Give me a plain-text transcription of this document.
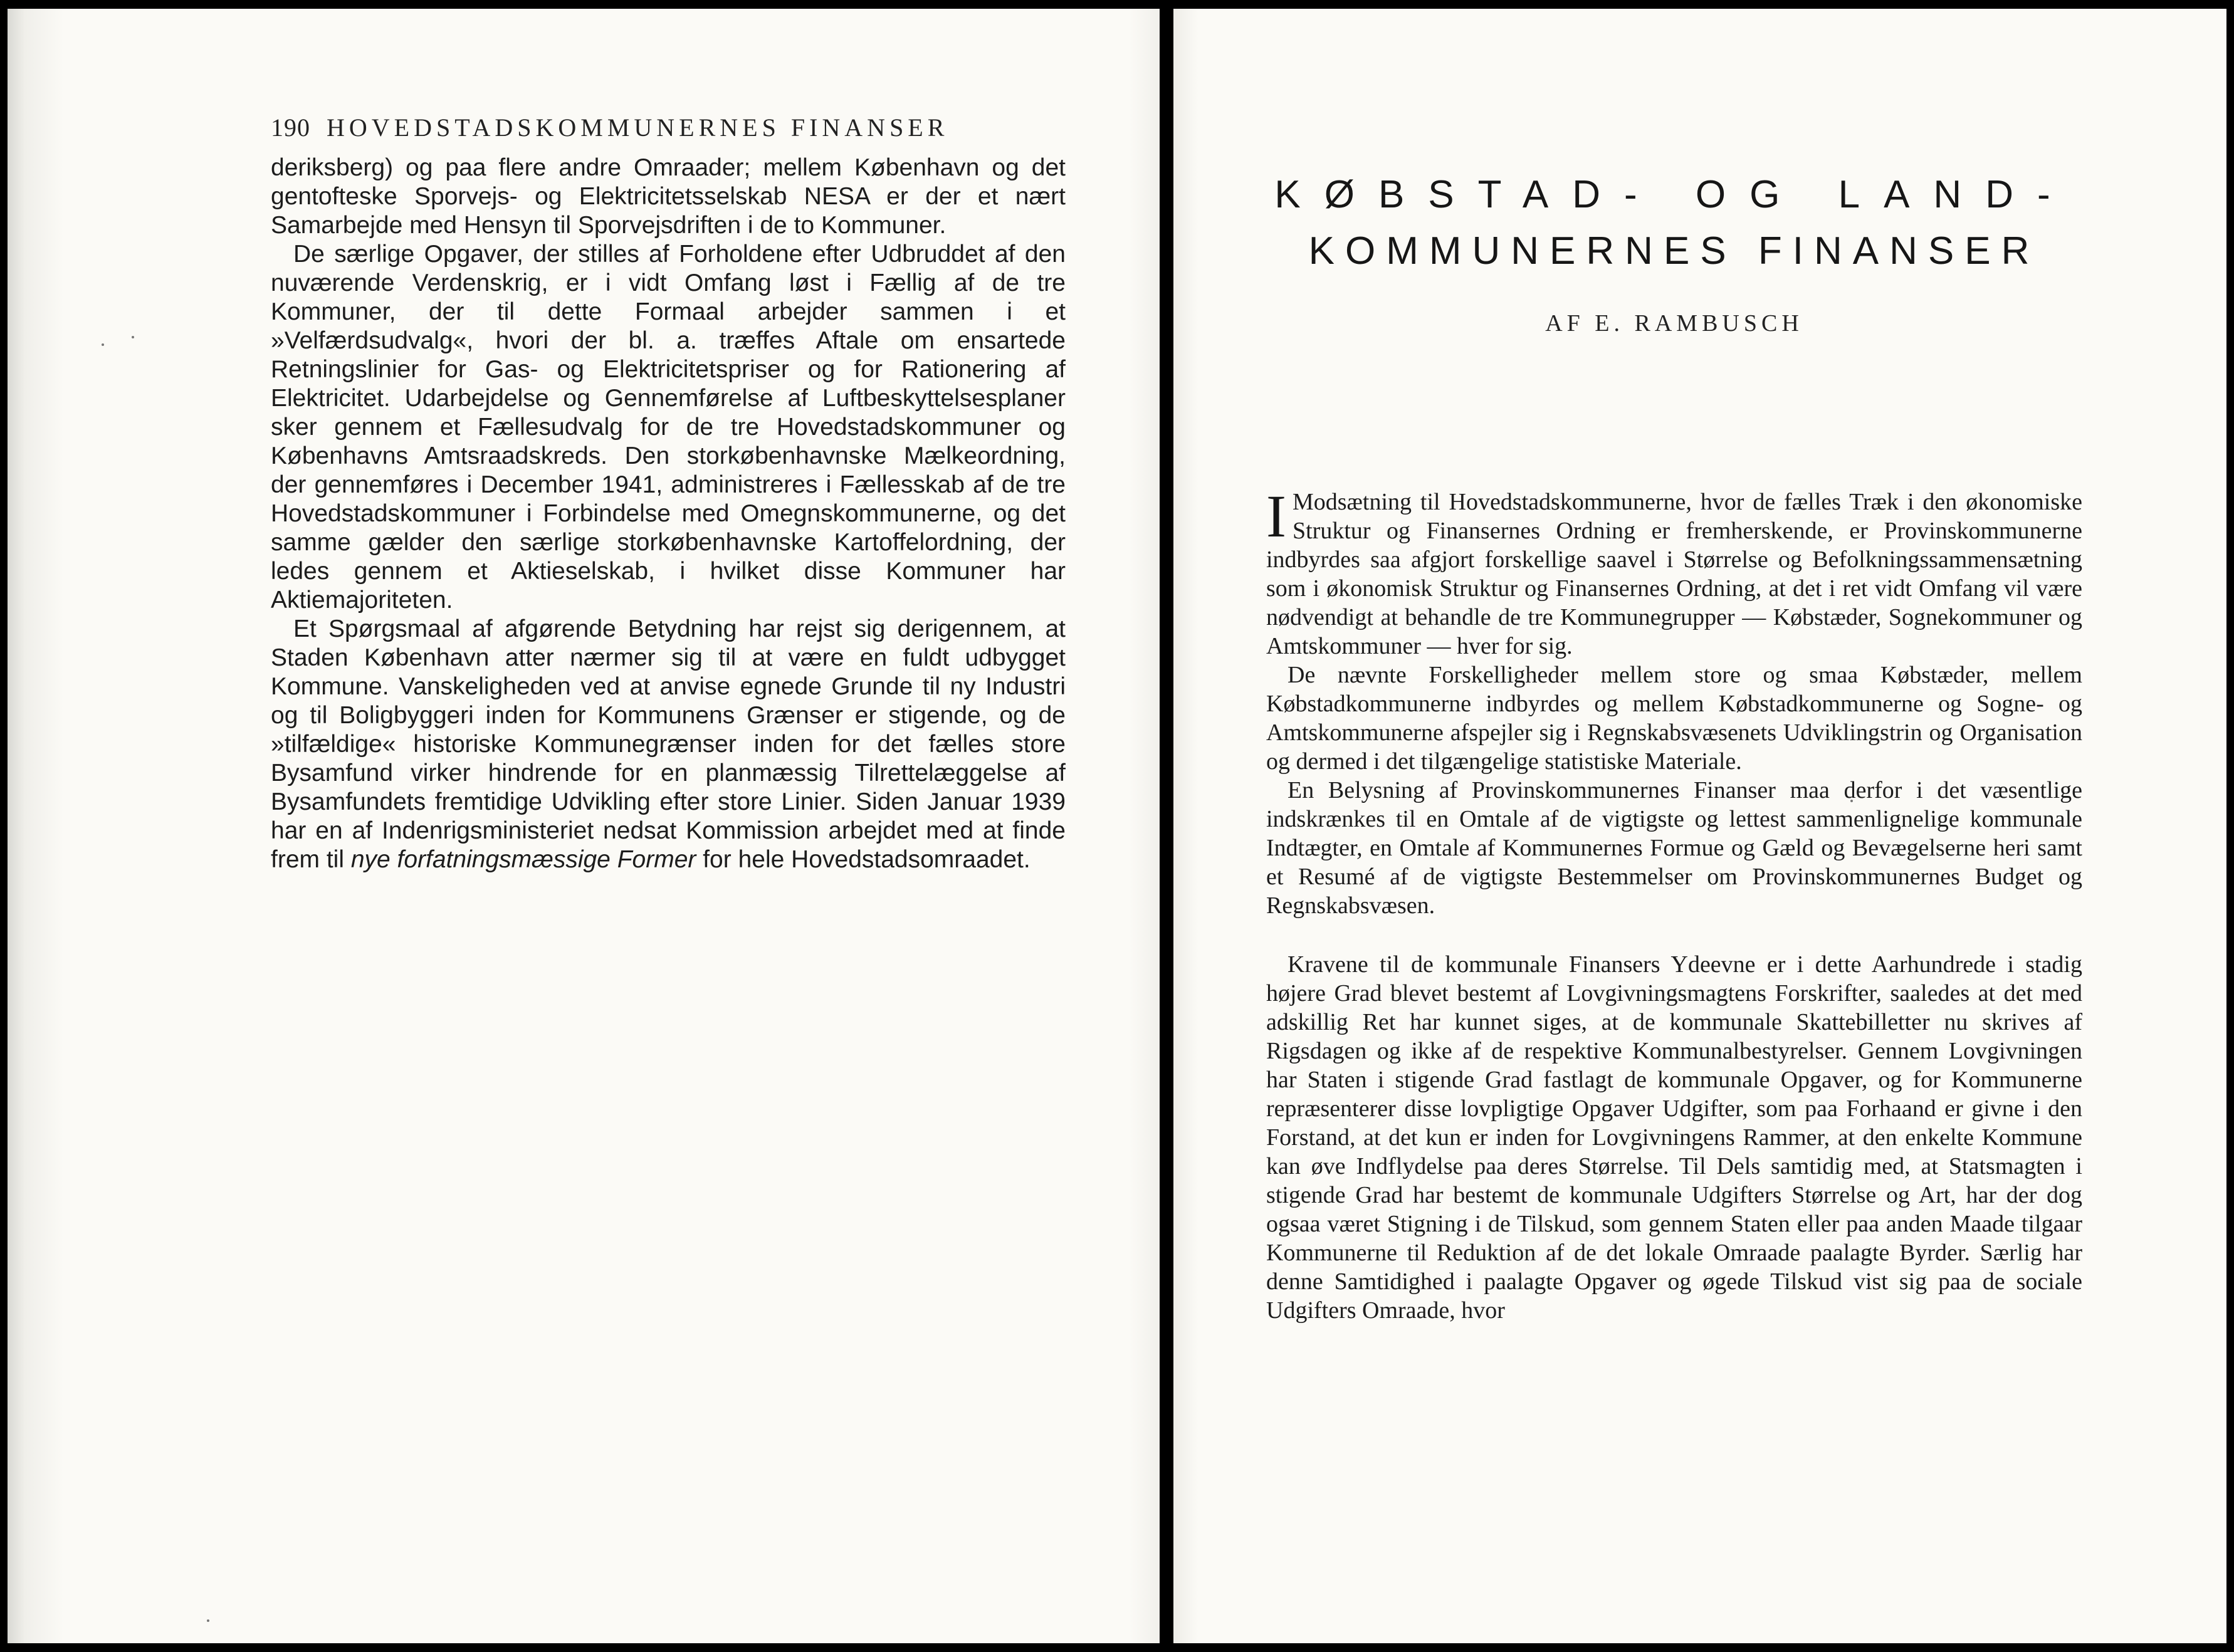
190 HOVEDSTADSKOMMUNERNES FINANSER

deriksberg) og paa flere andre Omraader; mellem København og det gentofteske Sporvejs- og Elektricitetsselskab NESA er der et nært Samarbejde med Hensyn til Sporvejsdriften i de to Kommuner.

De særlige Opgaver, der stilles af Forholdene efter Udbruddet af den nuværende Verdenskrig, er i vidt Omfang løst i Fællig af de tre Kommuner, der til dette Formaal arbejder sammen i et »Velfærdsudvalg«, hvori der bl. a. træffes Aftale om ensartede Retningslinier for Gas- og Elektricitetspriser og for Rationering af Elektricitet. Udarbejdelse og Gennemførelse af Luftbeskyttelsesplaner sker gennem et Fællesudvalg for de tre Hovedstadskommuner og Københavns Amtsraadskreds. Den storkøbenhavnske Mælkeordning, der gennemføres i December 1941, administreres i Fællesskab af de tre Hovedstadskommuner i Forbindelse med Omegnskommunerne, og det samme gælder den særlige storkøbenhavnske Kartoffelordning, der ledes gennem et Aktieselskab, i hvilket disse Kommuner har Aktiemajoriteten.

Et Spørgsmaal af afgørende Betydning har rejst sig derigennem, at Staden København atter nærmer sig til at være en fuldt udbygget Kommune. Vanskeligheden ved at anvise egnede Grunde til ny Industri og til Boligbyggeri inden for Kommunens Grænser er stigende, og de »tilfældige« historiske Kommunegrænser inden for det fælles store Bysamfund virker hindrende for en planmæssig Tilrettelæggelse af Bysamfundets fremtidige Udvikling efter store Linier. Siden Januar 1939 har en af Indenrigsministeriet nedsat Kommission arbejdet med at finde frem til nye forfatningsmæssige Former for hele Hovedstadsomraadet.

KØBSTAD- OG LAND-
KOMMUNERNES FINANSER
AF E. RAMBUSCH

I Modsætning til Hovedstadskommunerne, hvor de fælles Træk i den økonomiske Struktur og Finansernes Ordning er fremherskende, er Provinskommunerne indbyrdes saa afgjort forskellige saavel i Størrelse og Befolkningssammensætning som i økonomisk Struktur og Finansernes Ordning, at det i ret vidt Omfang vil være nødvendigt at behandle de tre Kommunegrupper — Købstæder, Sognekommuner og Amtskommuner — hver for sig.

De nævnte Forskelligheder mellem store og smaa Købstæder, mellem Købstadkommunerne indbyrdes og mellem Købstadkommunerne og Sogne- og Amtskommunerne afspejler sig i Regnskabsvæsenets Udviklingstrin og Organisation og dermed i det tilgængelige statistiske Materiale.

En Belysning af Provinskommunernes Finanser maa derfor i det væsentlige indskrænkes til en Omtale af de vigtigste og lettest sammenlignelige kommunale Indtægter, en Omtale af Kommunernes Formue og Gæld og Bevægelserne heri samt et Resumé af de vigtigste Bestemmelser om Provinskommunernes Budget og Regnskabsvæsen.

Kravene til de kommunale Finansers Ydeevne er i dette Aarhundrede i stadig højere Grad blevet bestemt af Lovgivningsmagtens Forskrifter, saaledes at det med adskillig Ret har kunnet siges, at de kommunale Skattebilletter nu skrives af Rigsdagen og ikke af de respektive Kommunalbestyrelser. Gennem Lovgivningen har Staten i stigende Grad fastlagt de kommunale Opgaver, og for Kommunerne repræsenterer disse lovpligtige Opgaver Udgifter, som paa Forhaand er givne i den Forstand, at det kun er inden for Lovgivningens Rammer, at den enkelte Kommune kan øve Indflydelse paa deres Størrelse. Til Dels samtidig med, at Statsmagten i stigende Grad har bestemt de kommunale Udgifters Størrelse og Art, har der dog ogsaa været Stigning i de Tilskud, som gennem Staten eller paa anden Maade tilgaar Kommunerne til Reduktion af de det lokale Omraade paalagte Byrder. Særlig har denne Samtidighed i paalagte Opgaver og øgede Tilskud vist sig paa de sociale Udgifters Omraade, hvor
